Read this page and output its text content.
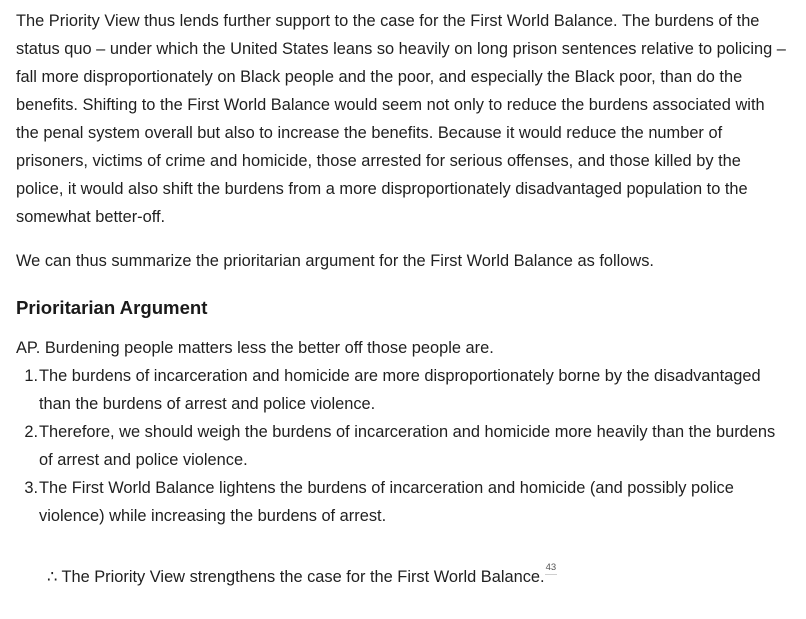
The Priority View thus lends further support to the case for the First World Balance. The burdens of the status quo – under which the United States leans so heavily on long prison sentences relative to policing – fall more disproportionately on Black people and the poor, and especially the Black poor, than do the benefits. Shifting to the First World Balance would seem not only to reduce the burdens associated with the penal system overall but also to increase the benefits. Because it would reduce the number of prisoners, victims of crime and homicide, those arrested for serious offenses, and those killed by the police, it would also shift the burdens from a more disproportionately disadvantaged population to the somewhat better-off.

We can thus summarize the prioritarian argument for the First World Balance as follows.

Prioritarian Argument

AP. Burdening people matters less the better off those people are.

1. The burdens of incarceration and homicide are more disproportionately borne by the disadvantaged than the burdens of arrest and police violence.
2. Therefore, we should weigh the burdens of incarceration and homicide more heavily than the burdens of arrest and police violence.
3. The First World Balance lightens the burdens of incarceration and homicide (and possibly police violence) while increasing the burdens of arrest.

∴ The Priority View strengthens the case for the First World Balance.$^{43}$
